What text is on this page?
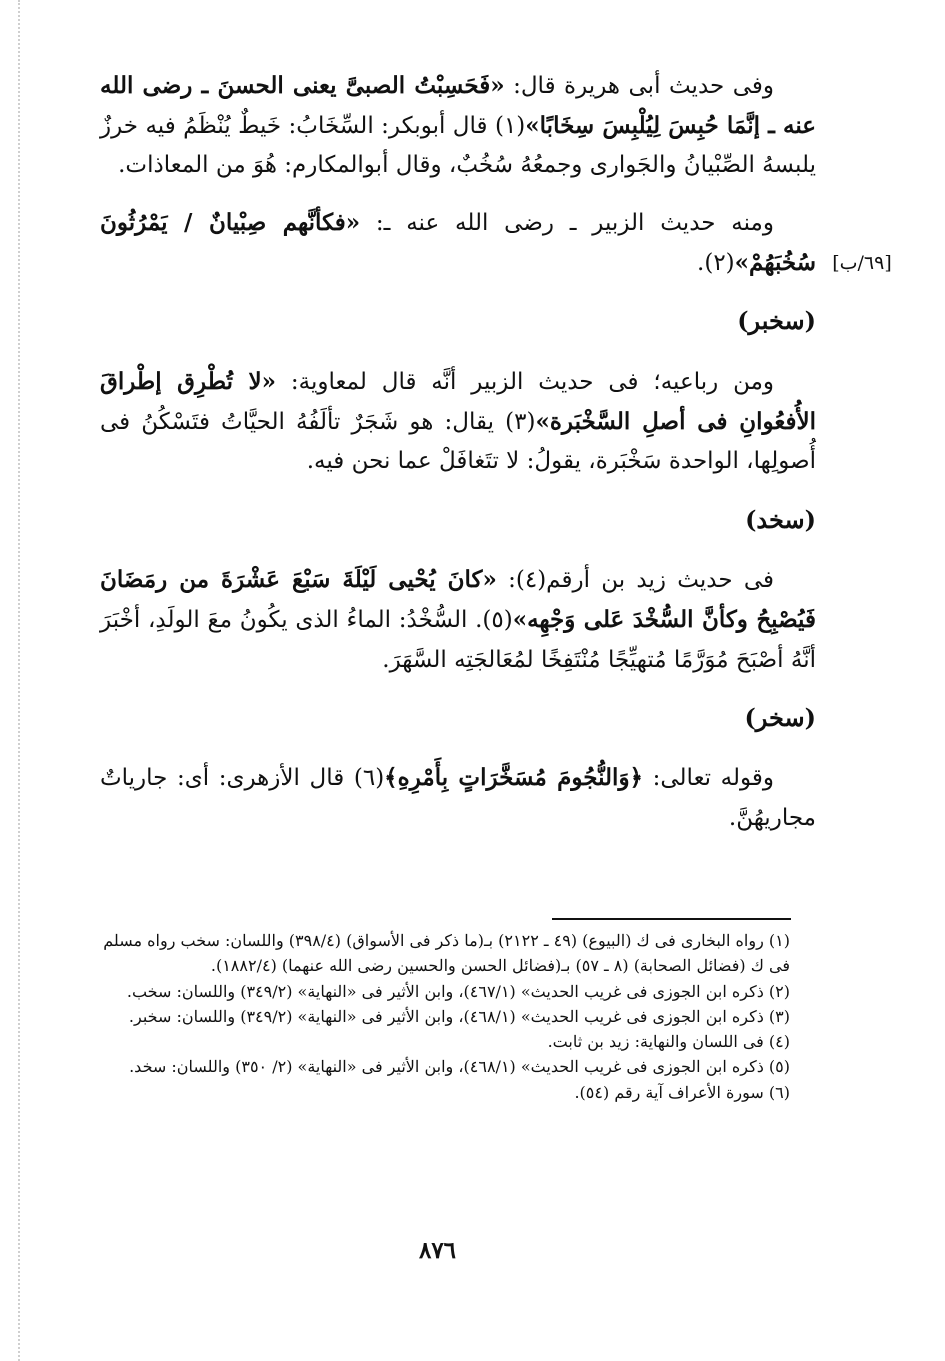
[٦٩/ب]

وفى حديث أبى هريرة قال: «فَحَسِبْتُ الصبىَّ يعنى الحسنَ ـ رضى الله عنه ـ إنَّمَا حُبِسَ لِيُلْبِسَ سِخَابًا»(١) قال أبوبكر: السِّخَابُ: خَيطٌ يُنْظَمُ فيه خرزٌ يلبسهُ الصِّبْيانُ والجَوارى وجمعُهُ سُخُبٌ، وقال أبوالمكارم: هُوَ من المعاذات.

ومنه حديث الزبير ـ رضى الله عنه ـ: «فكأنَّهم صِبْيانٌ / يَمْرُثُونَ سُخُبَهُمْ»(٢).

(سخبر)

ومن رباعيه؛ فى حديث الزبير أنَّه قال لمعاوية: «لا تُطْرِق إطْراقَ الأُفعُوانِ فى أصلِ السَّخْبَرة»(٣) يقال: هو شَجَرٌ تألَفُهُ الحيَّاتُ فتَسْكُنُ فى أُصولِها، الواحدة سَخْبَرة، يقولُ: لا تتَغافَلْ عما نحن فيه.

(سخد)

فى حديث زيد بن أرقم(٤): «كانَ يُحْيى لَيْلَةَ سَبْعَ عَشْرَةَ من رمَضَانَ فَيُصْبِحُ وكأنَّ السُّخْدَ عَلى وَجْهِه»(٥). السُّخْدُ: الماءُ الذى يكُونُ معَ الولَدِ، أخْبَرَ أنَّهُ أصْبَحَ مُوَرَّمًا مُتهيِّجًا مُنْتَفِخًا لمُعَالجَتِه السَّهَرَ.

(سخر)

وقوله تعالى: ﴿وَالنُّجُومَ مُسَخَّرَاتٍ بِأَمْرِهِ﴾(٦) قال الأزهرى: أى: جارياتٌ مجاريهُنَّ.

(١) رواه البخارى فى ك (البيوع) (٤٩ ـ ٢١٢٢) بـ(ما ذكر فى الأسواق) (٣٩٨/٤) واللسان: سخب رواه مسلم فى ك (فضائل الصحابة) (٨ ـ ٥٧) بـ(فضائل الحسن والحسين رضى الله عنهما) (١٨٨٢/٤).

(٢) ذكره ابن الجوزى فى غريب الحديث» (٤٦٧/١)، وابن الأثير فى «النهاية» (٣٤٩/٢) واللسان: سخب.

(٣) ذكره ابن الجوزى فى غريب الحديث» (٤٦٨/١)، وابن الأثير فى «النهاية» (٣٤٩/٢) واللسان: سخبر.

(٤) فى اللسان والنهاية: زيد بن ثابت.

(٥) ذكره ابن الجوزى فى غريب الحديث» (٤٦٨/١)، وابن الأثير فى «النهاية» (٢/ ٣٥٠) واللسان: سخد.

(٦) سورة الأعراف آية رقم (٥٤).

٨٧٦
